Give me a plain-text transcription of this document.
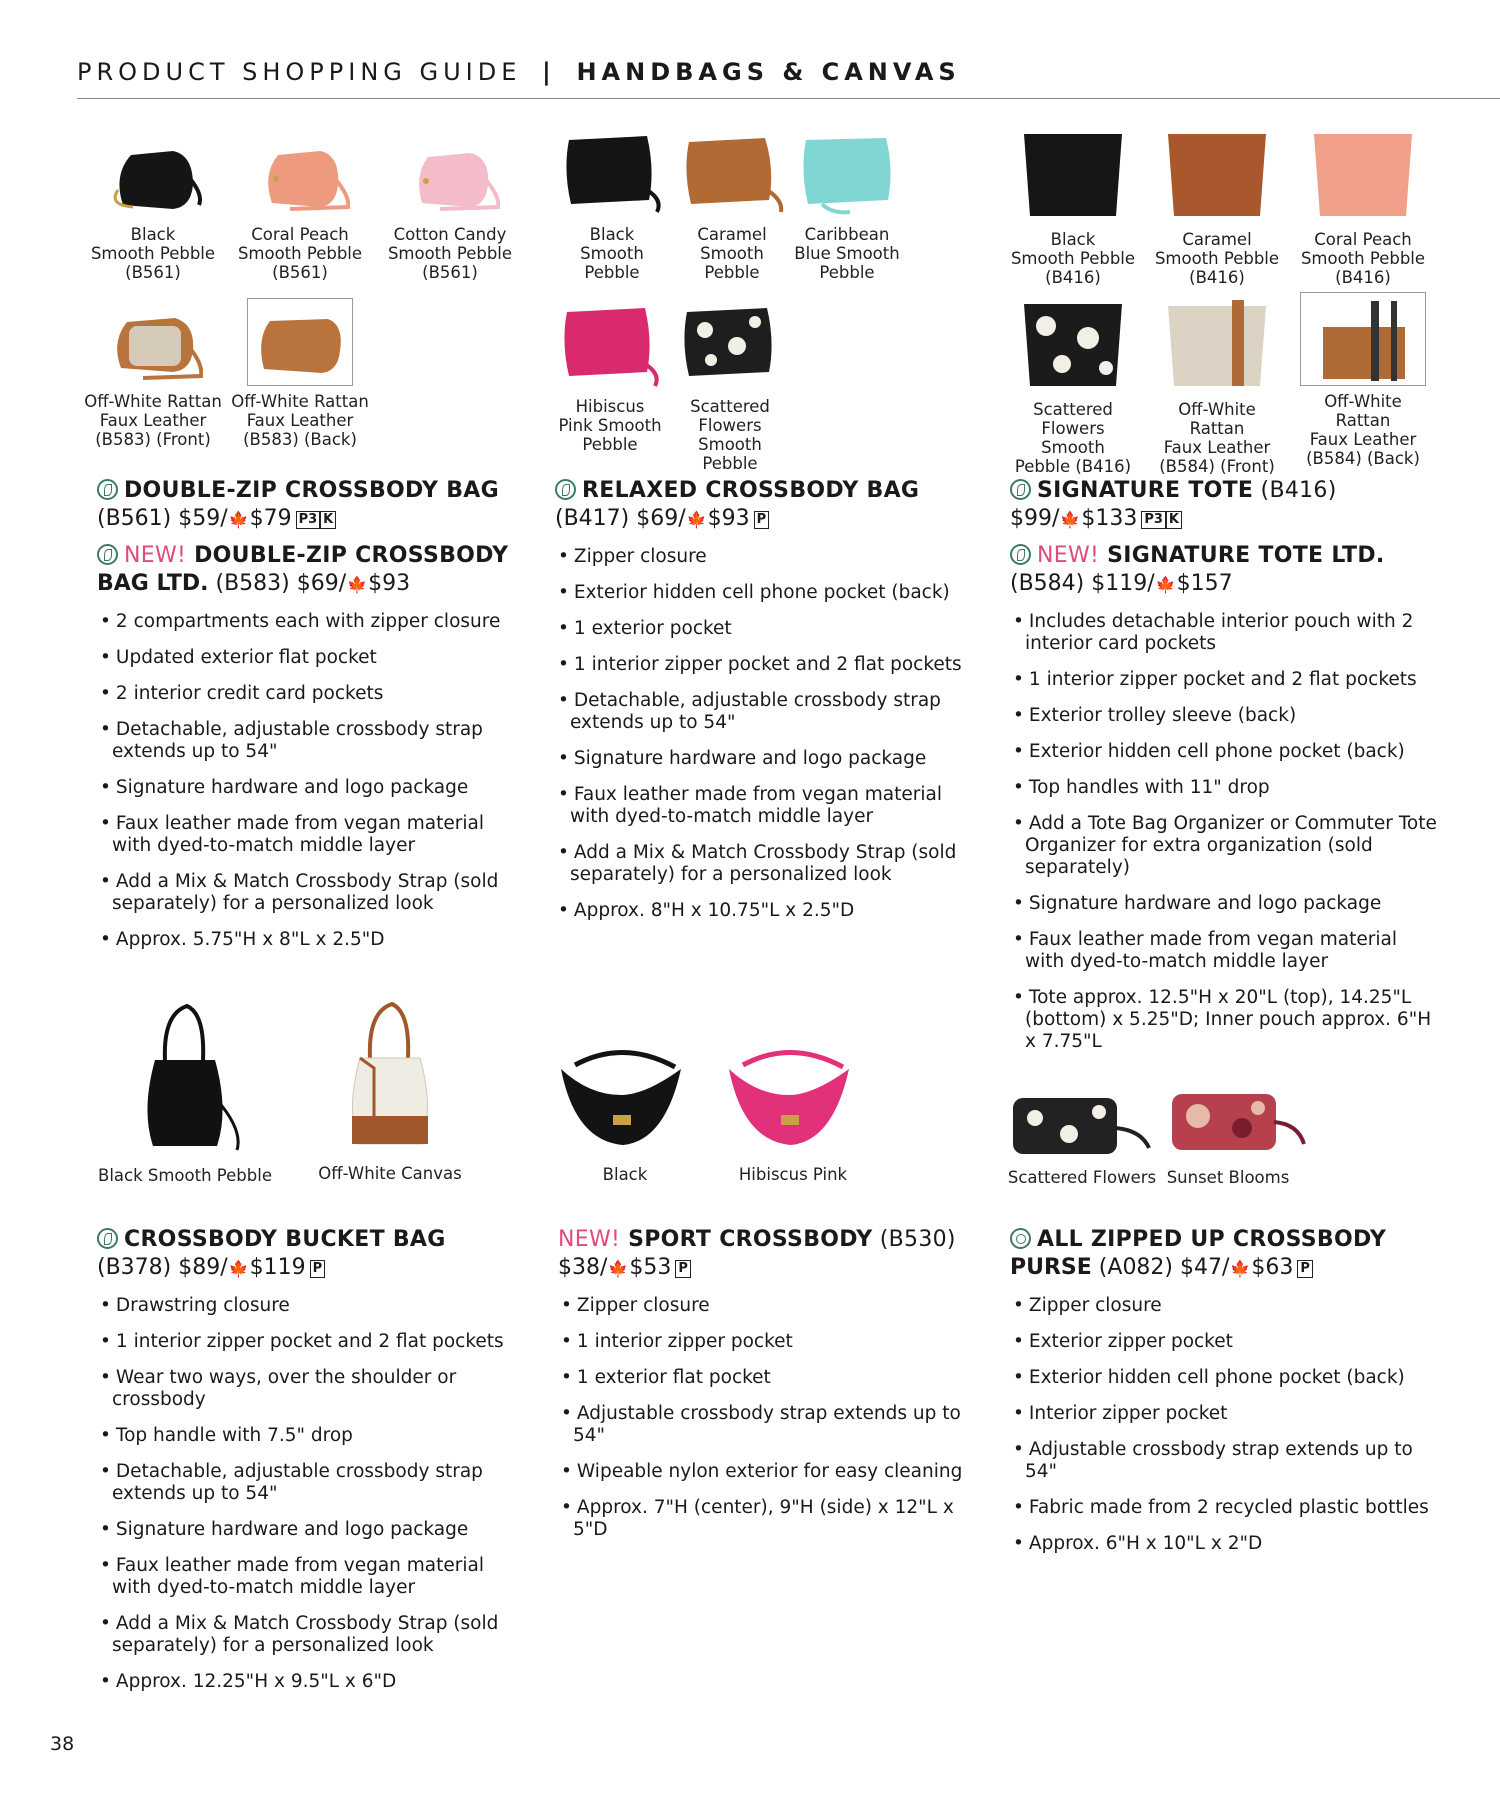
PRODUCT SHOPPING GUIDE | HANDBAGS & CANVAS
Black
Smooth Pebble
(B561)
Coral Peach
Smooth Pebble
(B561)
Cotton Candy
Smooth Pebble
(B561)
Black
Smooth
Pebble
Caramel
Smooth
Pebble
Caribbean
Blue Smooth
Pebble
Black
Smooth Pebble
(B416)
Caramel
Smooth Pebble
(B416)
Coral Peach
Smooth Pebble
(B416)
Off-White Rattan
Faux Leather
(B583) (Front)
Off-White Rattan
Faux Leather
(B583) (Back)
Hibiscus
Pink Smooth
Pebble
Scattered
Flowers Smooth
Pebble
Scattered
Flowers Smooth
Pebble (B416)
Off-White Rattan
Faux Leather
(B584) (Front)
Off-White Rattan
Faux Leather
(B584) (Back)
DOUBLE-ZIP CROSSBODY BAG
(B561) $59/🍁$79 P3 K
NEW! DOUBLE-ZIP CROSSBODY
BAG LTD. (B583) $69/🍁$93
• 2 compartments each with zipper closure
• Updated exterior flat pocket
• 2 interior credit card pockets
• Detachable, adjustable crossbody strap extends up to 54"
• Signature hardware and logo package
• Faux leather made from vegan material with dyed-to-match middle layer
• Add a Mix & Match Crossbody Strap (sold separately) for a personalized look
• Approx. 5.75"H x 8"L x 2.5"D
RELAXED CROSSBODY BAG
(B417) $69/🍁$93 P
• Zipper closure
• Exterior hidden cell phone pocket (back)
• 1 exterior pocket
• 1 interior zipper pocket and 2 flat pockets
• Detachable, adjustable crossbody strap extends up to 54"
• Signature hardware and logo package
• Faux leather made from vegan material with dyed-to-match middle layer
• Add a Mix & Match Crossbody Strap (sold separately) for a personalized look
• Approx. 8"H x 10.75"L x 2.5"D
SIGNATURE TOTE (B416)
$99/🍁$133 P3 K
NEW! SIGNATURE TOTE LTD.
(B584) $119/🍁$157
• Includes detachable interior pouch with 2 interior card pockets
• 1 interior zipper pocket and 2 flat pockets
• Exterior trolley sleeve (back)
• Exterior hidden cell phone pocket (back)
• Top handles with 11" drop
• Add a Tote Bag Organizer or Commuter Tote Organizer for extra organization (sold separately)
• Signature hardware and logo package
• Faux leather made from vegan material with dyed-to-match middle layer
• Tote approx. 12.5"H x 20"L (top), 14.25"L (bottom) x 5.25"D; Inner pouch approx. 6"H x 7.75"L
Black Smooth Pebble	Off-White Canvas	Black	Hibiscus Pink	Scattered Flowers Sunset Blooms
CROSSBODY BUCKET BAG
(B378) $89/🍁$119 P
• Drawstring closure
• 1 interior zipper pocket and 2 flat pockets
• Wear two ways, over the shoulder or crossbody
• Top handle with 7.5" drop
• Detachable, adjustable crossbody strap extends up to 54"
• Signature hardware and logo package
• Faux leather made from vegan material with dyed-to-match middle layer
• Add a Mix & Match Crossbody Strap (sold separately) for a personalized look
• Approx. 12.25"H x 9.5"L x 6"D
NEW! SPORT CROSSBODY (B530)
$38/🍁$53 P
• Zipper closure
• 1 interior zipper pocket
• 1 exterior flat pocket
• Adjustable crossbody strap extends up to 54"
• Wipeable nylon exterior for easy cleaning
• Approx. 7"H (center), 9"H (side) x 12"L x 5"D
ALL ZIPPED UP CROSSBODY
PURSE (A082) $47/🍁$63 P
• Zipper closure
• Exterior zipper pocket
• Exterior hidden cell phone pocket (back)
• Interior zipper pocket
• Adjustable crossbody strap extends up to 54"
• Fabric made from 2 recycled plastic bottles
• Approx. 6"H x 10"L x 2"D
38
